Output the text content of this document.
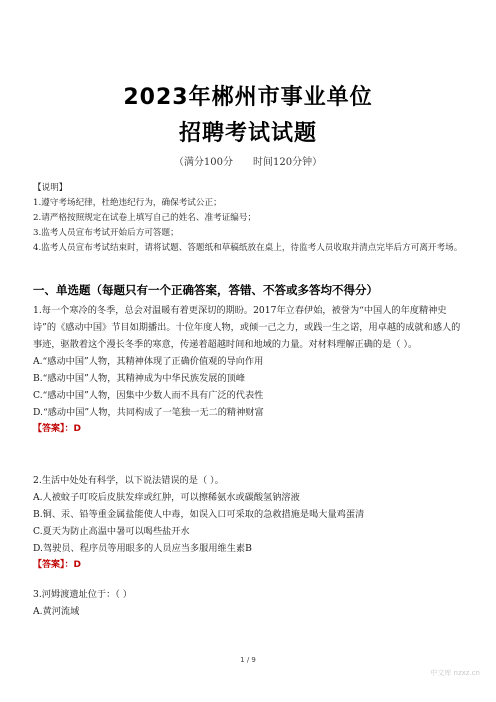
2023年郴州市事业单位
招聘考试试题
（满分100分　　时间120分钟）
【说明】
1.遵守考场纪律，杜绝违纪行为，确保考试公正；
2.请严格按照规定在试卷上填写自己的姓名、准考证编号；
3.监考人员宣布考试开始后方可答题；
4.监考人员宣布考试结束时，请将试题、答题纸和草稿纸放在桌上，待监考人员收取并清点完毕后方可离开考场。
一、单选题（每题只有一个正确答案，答错、不答或多答均不得分）

1.每一个寒冷的冬季，总会对温暖有着更深切的期盼。2017年立春伊始，被誉为“中国人的年度精神史诗”的《感动中国》节目如期播出。十位年度人物，或倾一己之力，或践一生之诺，用卓越的成就和感人的事迹，驱散着这个漫长冬季的寒意，传递着超越时间和地域的力量。对材料理解正确的是（ ）。

A.“感动中国”人物，其精神体现了正确价值观的导向作用

B.“感动中国”人物，其精神成为中华民族发展的顶峰

C.“感动中国”人物，因集中少数人而不具有广泛的代表性

D.“感动中国”人物，共同构成了一笔独一无二的精神财富

【答案】：D

2.生活中处处有科学，以下说法错误的是（ ）。

A.人被蚊子叮咬后皮肤发痒或红肿，可以擦稀氨水或碳酸氢钠溶液

B.铜、汞、铅等重金属盐能使人中毒，如误入口可采取的急救措施是喝大量鸡蛋清

C.夏天为防止高温中暑可以喝些盐开水

D.驾驶员、程序员等用眼多的人员应当多服用维生素B

【答案】：D

3.河姆渡遗址位于：（ ）

A.黄河流域

1 / 9
中文库 nzxz.cn
